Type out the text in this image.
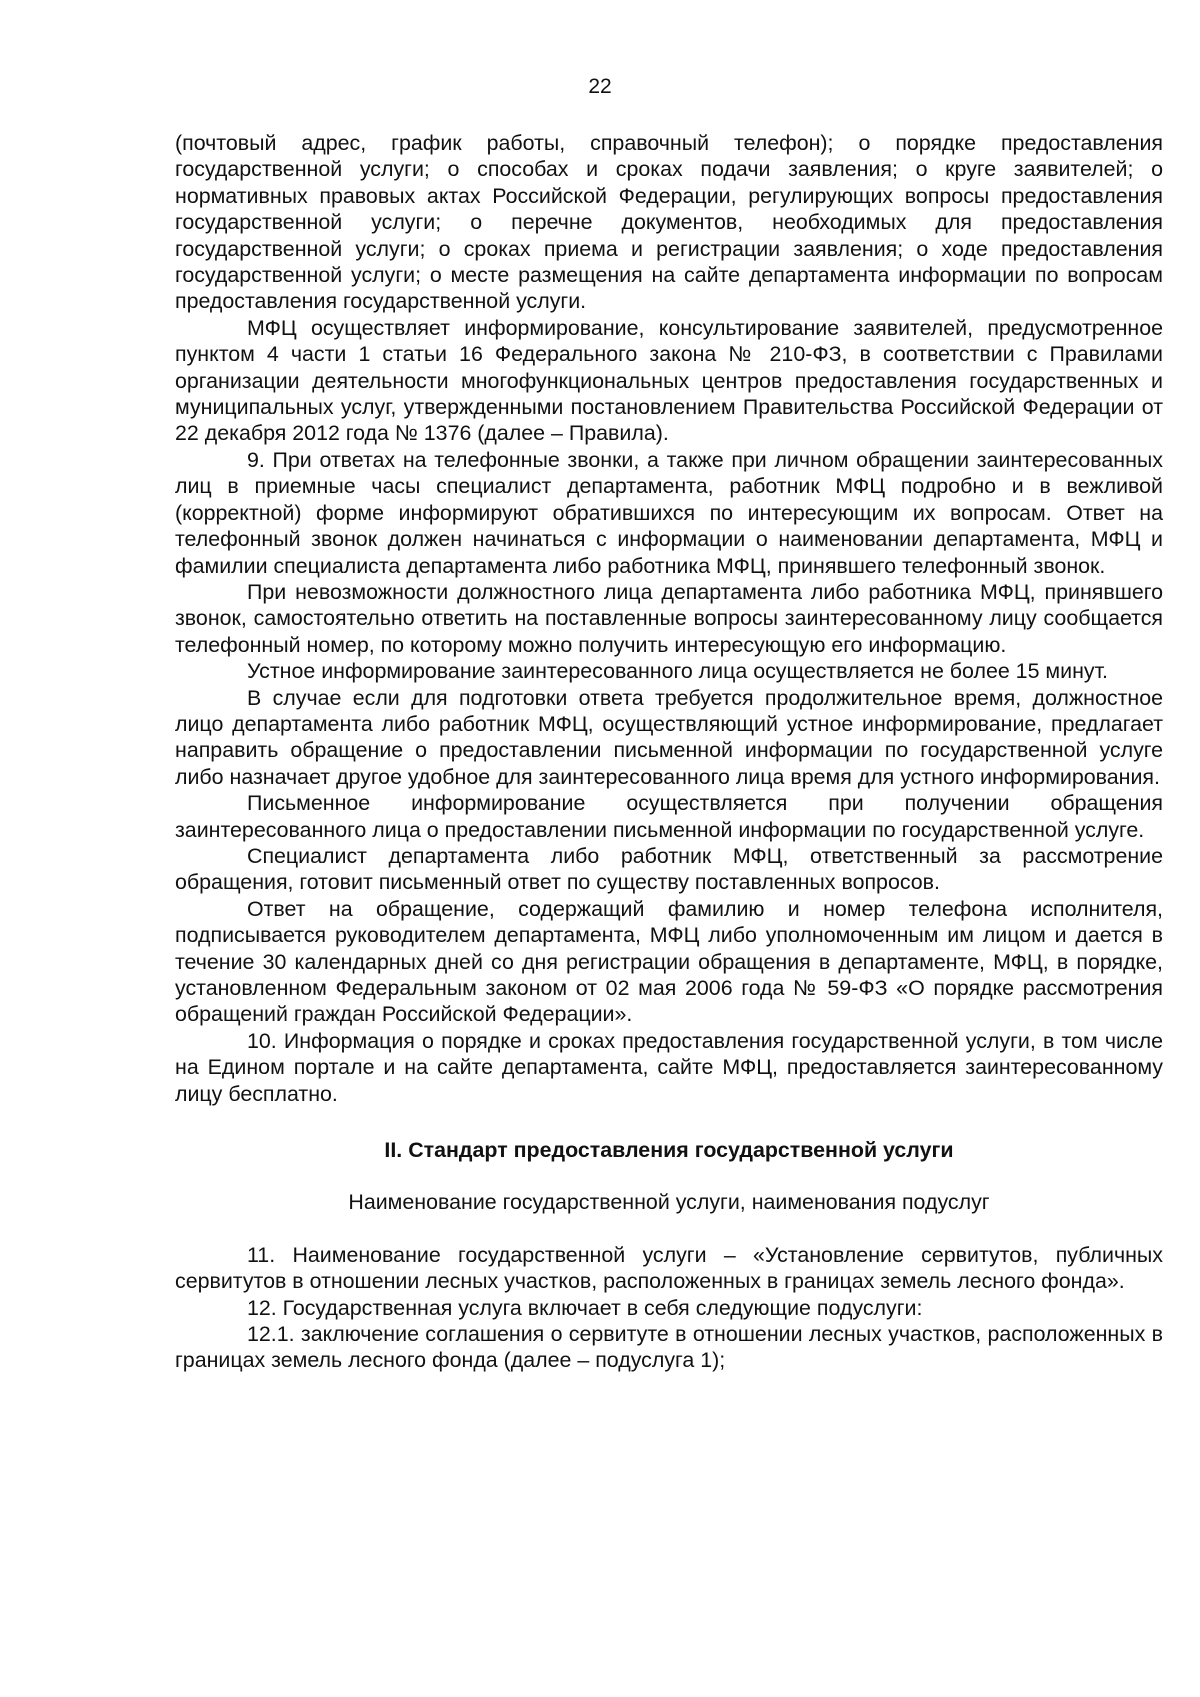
22

(почтовый адрес, график работы, справочный телефон); о порядке предоставления государственной услуги; о способах и сроках подачи заявления; о круге заявителей; о нормативных правовых актах Российской Федерации, регулирующих вопросы предоставления государственной услуги; о перечне документов, необходимых для предоставления государственной услуги; о сроках приема и регистрации заявления; о ходе предоставления государственной услуги; о месте размещения на сайте департамента информации по вопросам предоставления государственной услуги.

МФЦ осуществляет информирование, консультирование заявителей, предусмотренное пунктом 4 части 1 статьи 16 Федерального закона № 210-ФЗ, в соответствии с Правилами организации деятельности многофункциональных центров предоставления государственных и муниципальных услуг, утвержденными постановлением Правительства Российской Федерации от 22 декабря 2012 года № 1376 (далее – Правила).

9. При ответах на телефонные звонки, а также при личном обращении заинтересованных лиц в приемные часы специалист департамента, работник МФЦ подробно и в вежливой (корректной) форме информируют обратившихся по интересующим их вопросам. Ответ на телефонный звонок должен начинаться с информации о наименовании департамента, МФЦ и фамилии специалиста департамента либо работника МФЦ, принявшего телефонный звонок.

При невозможности должностного лица департамента либо работника МФЦ, принявшего звонок, самостоятельно ответить на поставленные вопросы заинтересованному лицу сообщается телефонный номер, по которому можно получить интересующую его информацию.

Устное информирование заинтересованного лица осуществляется не более 15 минут.

В случае если для подготовки ответа требуется продолжительное время, должностное лицо департамента либо работник МФЦ, осуществляющий устное информирование, предлагает направить обращение о предоставлении письменной информации по государственной услуге либо назначает другое удобное для заинтересованного лица время для устного информирования.

Письменное информирование осуществляется при получении обращения заинтересованного лица о предоставлении письменной информации по государственной услуге.

Специалист департамента либо работник МФЦ, ответственный за рассмотрение обращения, готовит письменный ответ по существу поставленных вопросов.

Ответ на обращение, содержащий фамилию и номер телефона исполнителя, подписывается руководителем департамента, МФЦ либо уполномоченным им лицом и дается в течение 30 календарных дней со дня регистрации обращения в департаменте, МФЦ, в порядке, установленном Федеральным законом от 02 мая 2006 года № 59-ФЗ «О порядке рассмотрения обращений граждан Российской Федерации».

10. Информация о порядке и сроках предоставления государственной услуги, в том числе на Едином портале и на сайте департамента, сайте МФЦ, предоставляется заинтересованному лицу бесплатно.

II. Стандарт предоставления государственной услуги
Наименование государственной услуги, наименования подуслуг

11. Наименование государственной услуги – «Установление сервитутов, публичных сервитутов в отношении лесных участков, расположенных в границах земель лесного фонда».

12. Государственная услуга включает в себя следующие подуслуги:

12.1. заключение соглашения о сервитуте в отношении лесных участков, расположенных в границах земель лесного фонда (далее – подуслуга 1);
